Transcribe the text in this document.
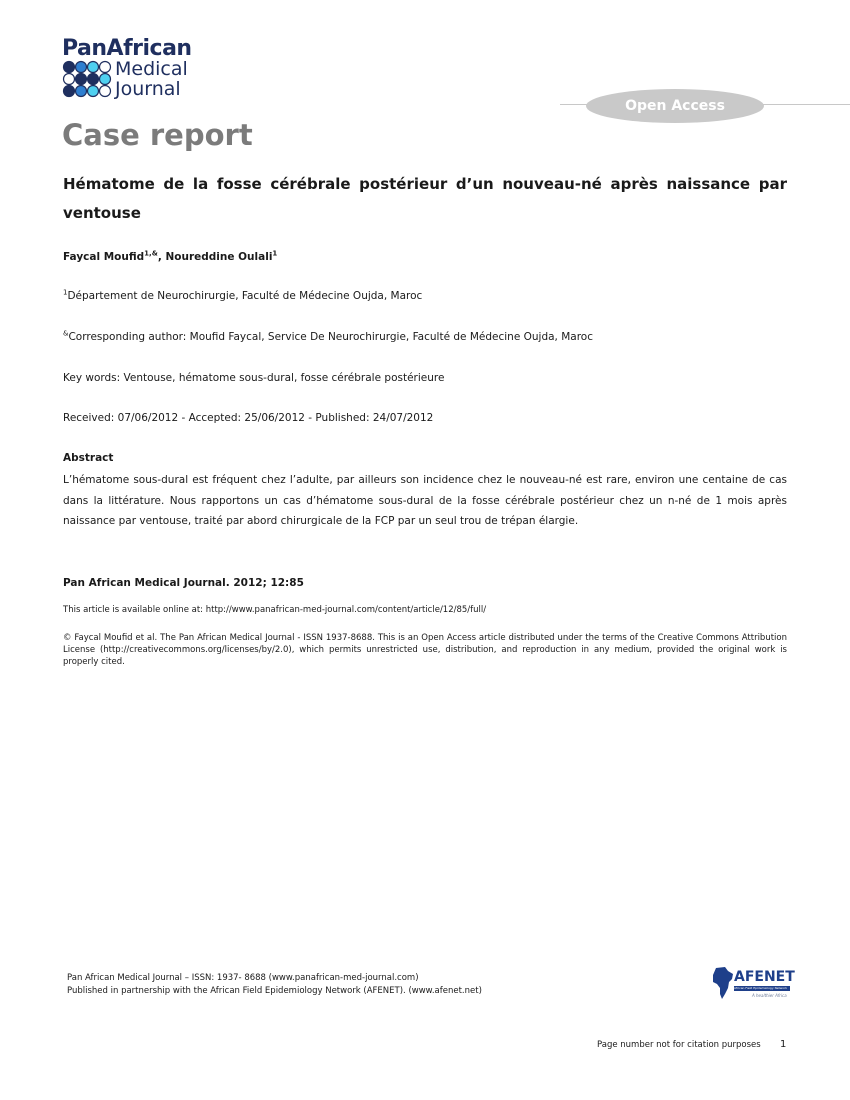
PanAfrican
Medical
Journal
Open Access
Case report
Hématome de la fosse cérébrale postérieur d’un nouveau-né après naissance par ventouse
Faycal Moufid$^{1,\&}$, Noureddine Oulali$^1$
$^1$Département de Neurochirurgie, Faculté de Médecine Oujda, Maroc
&Corresponding author: Moufid Faycal, Service De Neurochirurgie, Faculté de Médecine Oujda, Maroc
Key words: Ventouse, hématome sous-dural, fosse cérébrale postérieure
Received: 07/06/2012 - Accepted: 25/06/2012 - Published: 24/07/2012
Abstract
L’hématome sous-dural est fréquent chez l’adulte, par ailleurs son incidence chez le nouveau-né est rare, environ une centaine de cas dans la littérature. Nous rapportons un cas d’hématome sous-dural de la fosse cérébrale postérieur chez un n-né de 1 mois après naissance par ventouse, traité par abord chirurgicale de la FCP par un seul trou de trépan élargie.
Pan African Medical Journal. 2012; 12:85
This article is available online at: http://www.panafrican-med-journal.com/content/article/12/85/full/
© Faycal Moufid et al. The Pan African Medical Journal - ISSN 1937-8688. This is an Open Access article distributed under the terms of the Creative Commons Attribution License (http://creativecommons.org/licenses/by/2.0), which permits unrestricted use, distribution, and reproduction in any medium, provided the original work is properly cited.
Pan African Medical Journal – ISSN: 1937- 8688 (www.panafrican-med-journal.com)
Published in partnership with the African Field Epidemiology Network (AFENET). (www.afenet.net)
AFENET
African Field Epidemiology Network
A healthier Africa
Page number not for citation purposes 1
